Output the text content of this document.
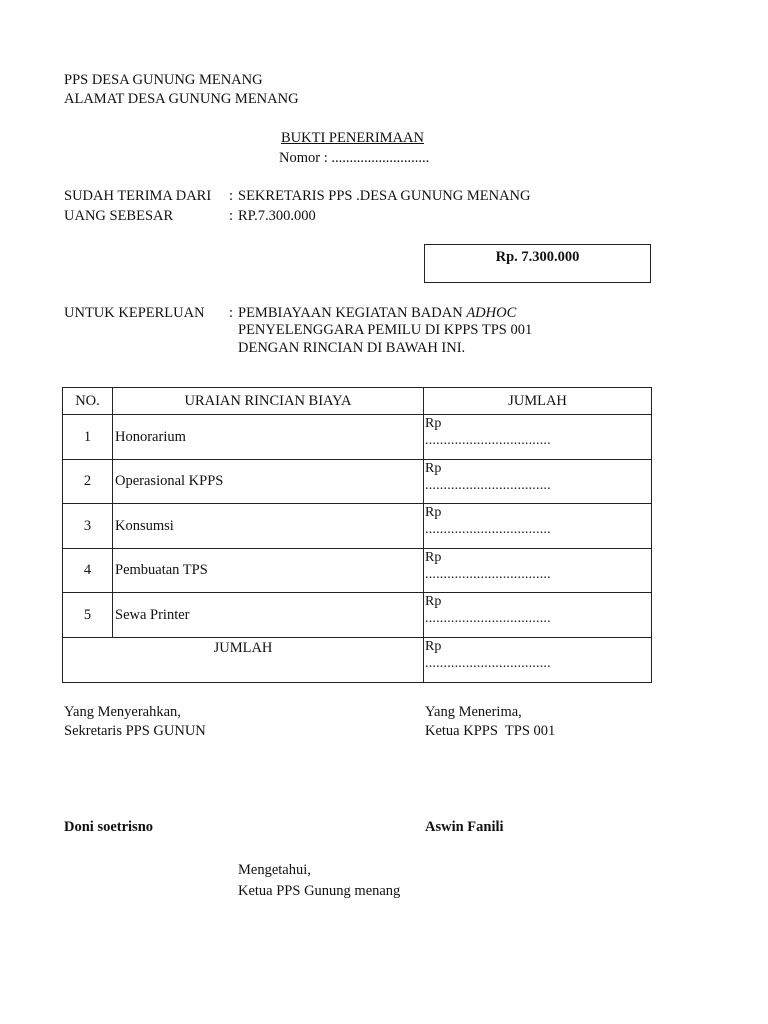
PPS DESA GUNUNG MENANG
ALAMAT DESA GUNUNG MENANG
BUKTI PENERIMAAN
Nomor : ...........................
SUDAH TERIMA DARI : SEKRETARIS PPS .DESA GUNUNG MENANG
UANG SEBESAR	: RP.7.300.000
Rp. 7.300.000
UNTUK KEPERLUAN : PEMBIAYAAN KEGIATAN BADAN ADHOC
PENYELENGGARA PEMILU DI KPPS TPS 001
DENGAN RINCIAN DI BAWAH INI.
NO.	URAIAN RINCIAN BIAYA	JUMLAH
1	Honorarium	Rp
..................................

2	Operasional KPPS	Rp
..................................

3	Konsumsi	Rp
..................................

4	Pembuatan TPS	Rp
..................................

5	Sewa Printer	Rp
..................................

JUMLAH		Rp
..................................
Yang Menyerahkan,
Sekretaris PPS GUNUN
Doni soetrisno
Yang Menerima,
Ketua KPPS  TPS 001
Aswin Fanili
Mengetahui,
Ketua PPS Gunung menang
